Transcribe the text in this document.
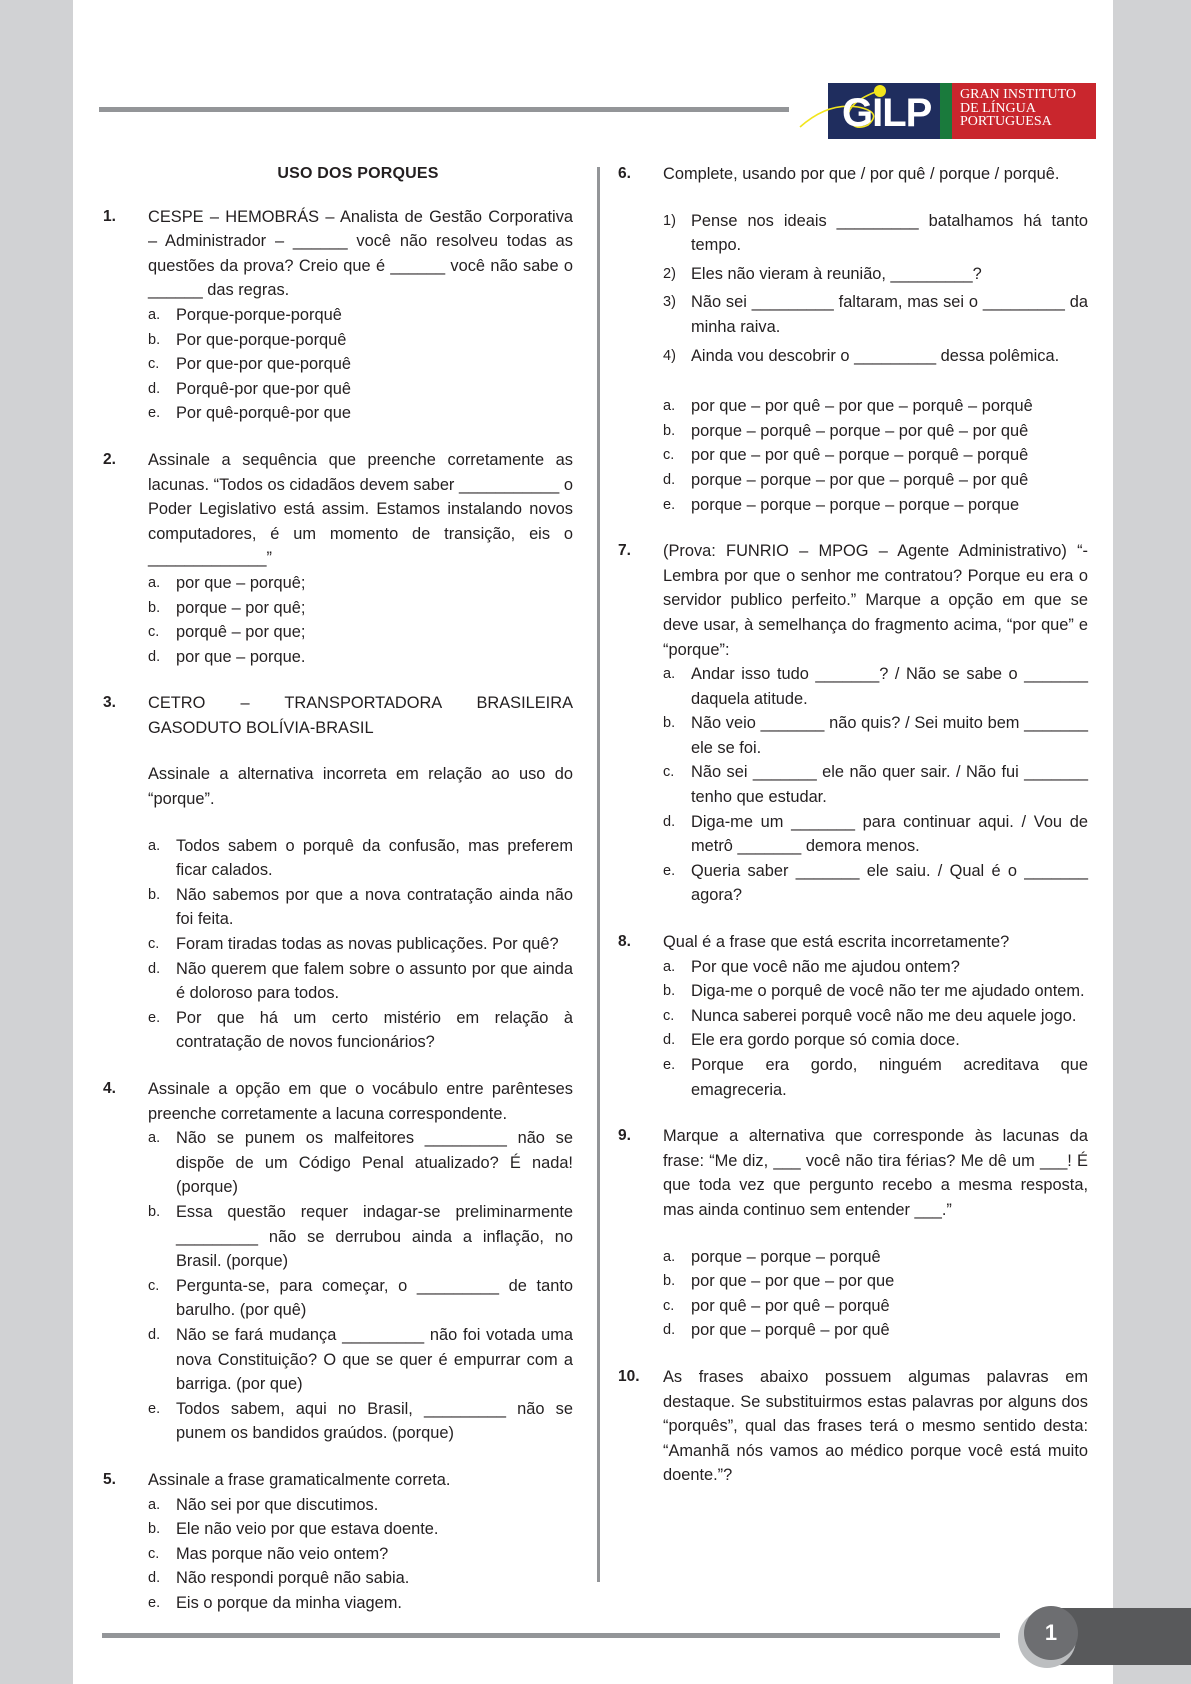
GILP GRAN INSTITUTO
DE LÍNGUA
PORTUGUESA
USO DOS PORQUES
1. CESPE – HEMOBRÁS – Analista de Gestão Corporativa – Administrador – ______ você não resolveu todas as questões da prova? Creio que é ______ você não sabe o ______ das regras.
a. Porque-porque-porquê
b. Por que-porque-porquê
c. Por que-por que-porquê
d. Porquê-por que-por quê
e. Por quê-porquê-por que
2. Assinale a sequência que preenche corretamente as lacunas. “Todos os cidadãos devem saber ___________ o Poder Legislativo está assim. Estamos instalando novos computadores, é um momento de transição, eis o _____________”
a. por que – porquê;
b. porque – por quê;
c. porquê – por que;
d. por que – porque.
3. CETRO – TRANSPORTADORA BRASILEIRA GASODUTO BOLÍVIA-BRASIL
Assinale a alternativa incorreta em relação ao uso do “porque”.
a. Todos sabem o porquê da confusão, mas preferem ficar calados.
b. Não sabemos por que a nova contratação ainda não foi feita.
c. Foram tiradas todas as novas publicações. Por quê?
d. Não querem que falem sobre o assunto por que ainda é doloroso para todos.
e. Por que há um certo mistério em relação à contratação de novos funcionários?
4. Assinale a opção em que o vocábulo entre parênteses preenche corretamente a lacuna correspondente.
a. Não se punem os malfeitores _________ não se dispõe de um Código Penal atualizado? É nada! (porque)
b. Essa questão requer indagar-se preliminarmente _________ não se derrubou ainda a inflação, no Brasil. (porque)
c. Pergunta-se, para começar, o _________ de tanto barulho. (por quê)
d. Não se fará mudança _________ não foi votada uma nova Constituição? O que se quer é empurrar com a barriga. (por que)
e. Todos sabem, aqui no Brasil, _________ não se punem os bandidos graúdos. (porque)
5. Assinale a frase gramaticalmente correta.
a. Não sei por que discutimos.
b. Ele não veio por que estava doente.
c. Mas porque não veio ontem?
d. Não respondi porquê não sabia.
e. Eis o porque da minha viagem.
6. Complete, usando por que / por quê / porque / porquê.
1) Pense nos ideais _________ batalhamos há tanto tempo.
2) Eles não vieram à reunião, _________?
3) Não sei _________ faltaram, mas sei o _________ da minha raiva.
4) Ainda vou descobrir o _________ dessa polêmica.
a. por que – por quê – por que – porquê – porquê
b. porque – porquê – porque – por quê – por quê
c. por que – por quê – porque – porquê – porquê
d. porque – porque – por que – porquê – por quê
e. porque – porque – porque – porque – porque
7. (Prova: FUNRIO – MPOG – Agente Administrativo) “-Lembra por que o senhor me contratou? Porque eu era o servidor publico perfeito.” Marque a opção em que se deve usar, à semelhança do fragmento acima, “por que” e “porque”:
a. Andar isso tudo _______? / Não se sabe o _______ daquela atitude.
b. Não veio _______ não quis? / Sei muito bem _______ ele se foi.
c. Não sei _______ ele não quer sair. / Não fui _______ tenho que estudar.
d. Diga-me um _______ para continuar aqui. / Vou de metrô _______ demora menos.
e. Queria saber _______ ele saiu. / Qual é o _______ agora?
8. Qual é a frase que está escrita incorretamente?
a. Por que você não me ajudou ontem?
b. Diga-me o porquê de você não ter me ajudado ontem.
c. Nunca saberei porquê você não me deu aquele jogo.
d. Ele era gordo porque só comia doce.
e. Porque era gordo, ninguém acreditava que emagreceria.
9. Marque a alternativa que corresponde às lacunas da frase: “Me diz, ___ você não tira férias? Me dê um ___! É que toda vez que pergunto recebo a mesma resposta, mas ainda continuo sem entender ___.”
a. porque – porque – porquê
b. por que – por que – por que
c. por quê – por quê – porquê
d. por que – porquê – por quê
10. As frases abaixo possuem algumas palavras em destaque. Se substituirmos estas palavras por alguns dos “porquês”, qual das frases terá o mesmo sentido desta: “Amanhã nós vamos ao médico porque você está muito doente.”?
1
